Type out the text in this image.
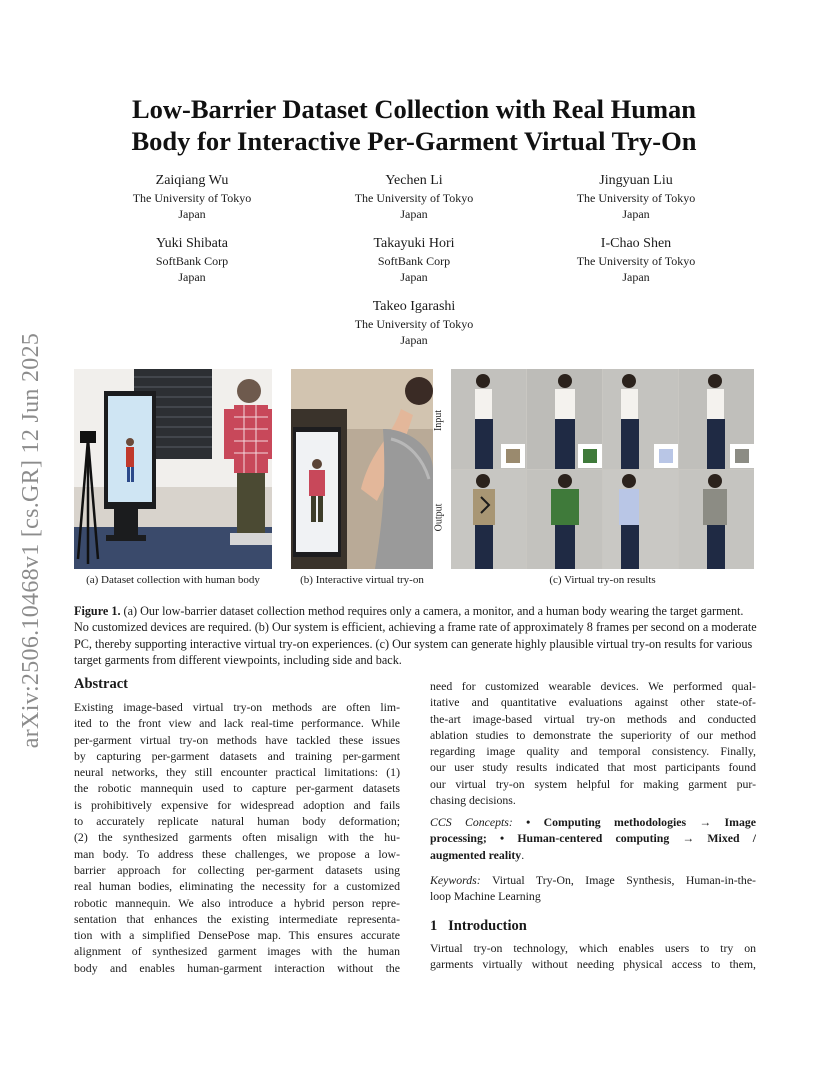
arXiv:2506.10468v1 [cs.GR] 12 Jun 2025
Low-Barrier Dataset Collection with Real Human
Body for Interactive Per-Garment Virtual Try-On
Zaiqiang Wu
The University of Tokyo
Japan
Yechen Li
The University of Tokyo
Japan
Jingyuan Liu
The University of Tokyo
Japan
Yuki Shibata
SoftBank Corp
Japan
Takayuki Hori
SoftBank Corp
Japan
I-Chao Shen
The University of Tokyo
Japan
Takeo Igarashi
The University of Tokyo
Japan
Input
Output
(a) Dataset collection with human body	(b) Interactive virtual try-on	(c) Virtual try-on results
Figure 1. (a) Our low-barrier dataset collection method requires only a camera, a monitor, and a human body wearing the target garment. No customized devices are required. (b) Our system is efficient, achieving a frame rate of approximately 8 frames per second on a moderate PC, thereby supporting interactive virtual try-on experiences. (c) Our system can generate highly plausible virtual try-on results for various target garments from different viewpoints, including side and back.
Abstract
Existing image-based virtual try-on methods are often lim-
ited to the front view and lack real-time performance. While
per-garment virtual try-on methods have tackled these issues
by capturing per-garment datasets and training per-garment
neural networks, they still encounter practical limitations: (1)
the robotic mannequin used to capture per-garment datasets
is prohibitively expensive for widespread adoption and fails
to accurately replicate natural human body deformation;
(2) the synthesized garments often misalign with the hu-
man body. To address these challenges, we propose a low-
barrier approach for collecting per-garment datasets using
real human bodies, eliminating the necessity for a customized
robotic mannequin. We also introduce a hybrid person repre-
sentation that enhances the existing intermediate representa-
tion with a simplified DensePose map. This ensures accurate
alignment of synthesized garment images with the human
body and enables human-garment interaction without the
need for customized wearable devices. We performed qual-
itative and quantitative evaluations against other state-of-
the-art image-based virtual try-on methods and conducted
ablation studies to demonstrate the superiority of our method
regarding image quality and temporal consistency. Finally,
our user study results indicated that most participants found
our virtual try-on system helpful for making garment pur-
chasing decisions.
CCS Concepts: • Computing methodologies → Image
processing; • Human-centered computing → Mixed /
augmented reality.
Keywords: Virtual Try-On, Image Synthesis, Human-in-the-
loop Machine Learning
1 Introduction
Virtual try-on technology, which enables users to try on
garments virtually without needing physical access to them,
